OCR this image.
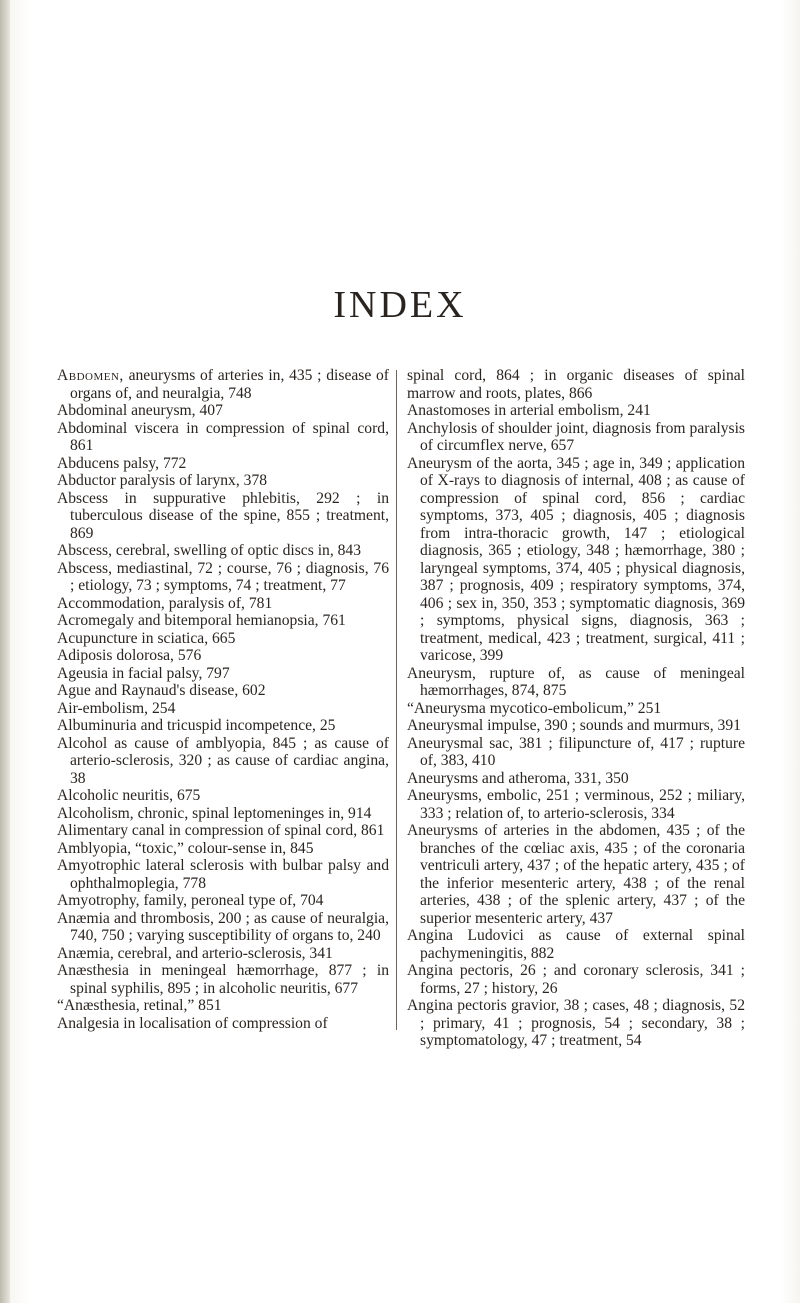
INDEX

Abdomen, aneurysms of arteries in, 435 ; disease of organs of, and neuralgia, 748

Abdominal aneurysm, 407

Abdominal viscera in compression of spinal cord, 861

Abducens palsy, 772

Abductor paralysis of larynx, 378

Abscess in suppurative phlebitis, 292 ; in tuberculous disease of the spine, 855 ; treatment, 869

Abscess, cerebral, swelling of optic discs in, 843

Abscess, mediastinal, 72 ; course, 76 ; diagnosis, 76 ; etiology, 73 ; symptoms, 74 ; treatment, 77

Accommodation, paralysis of, 781

Acromegaly and bitemporal hemianopsia, 761

Acupuncture in sciatica, 665

Adiposis dolorosa, 576

Ageusia in facial palsy, 797

Ague and Raynaud's disease, 602

Air-embolism, 254

Albuminuria and tricuspid incompetence, 25

Alcohol as cause of amblyopia, 845 ; as cause of arterio-sclerosis, 320 ; as cause of cardiac angina, 38

Alcoholic neuritis, 675

Alcoholism, chronic, spinal leptomeninges in, 914

Alimentary canal in compression of spinal cord, 861

Amblyopia, “toxic,” colour-sense in, 845

Amyotrophic lateral sclerosis with bulbar palsy and ophthalmoplegia, 778

Amyotrophy, family, peroneal type of, 704

Anæmia and thrombosis, 200 ; as cause of neuralgia, 740, 750 ; varying susceptibility of organs to, 240

Anæmia, cerebral, and arterio-sclerosis, 341

Anæsthesia in meningeal hæmorrhage, 877 ; in spinal syphilis, 895 ; in alcoholic neuritis, 677

“Anæsthesia, retinal,” 851

Analgesia in localisation of compression of

spinal cord, 864 ; in organic diseases of spinal marrow and roots, plates, 866

Anastomoses in arterial embolism, 241

Anchylosis of shoulder joint, diagnosis from paralysis of circumflex nerve, 657

Aneurysm of the aorta, 345 ; age in, 349 ; application of X-rays to diagnosis of internal, 408 ; as cause of compression of spinal cord, 856 ; cardiac symptoms, 373, 405 ; diagnosis, 405 ; diagnosis from intra-thoracic growth, 147 ; etiological diagnosis, 365 ; etiology, 348 ; hæmorrhage, 380 ; laryngeal symptoms, 374, 405 ; physical diagnosis, 387 ; prognosis, 409 ; respiratory symptoms, 374, 406 ; sex in, 350, 353 ; symptomatic diagnosis, 369 ; symptoms, physical signs, diagnosis, 363 ; treatment, medical, 423 ; treatment, surgical, 411 ; varicose, 399

Aneurysm, rupture of, as cause of meningeal hæmorrhages, 874, 875

“Aneurysma mycotico-embolicum,” 251

Aneurysmal impulse, 390 ; sounds and murmurs, 391

Aneurysmal sac, 381 ; filipuncture of, 417 ; rupture of, 383, 410

Aneurysms and atheroma, 331, 350

Aneurysms, embolic, 251 ; verminous, 252 ; miliary, 333 ; relation of, to arterio-sclerosis, 334

Aneurysms of arteries in the abdomen, 435 ; of the branches of the cœliac axis, 435 ; of the coronaria ventriculi artery, 437 ; of the hepatic artery, 435 ; of the inferior mesenteric artery, 438 ; of the renal arteries, 438 ; of the splenic artery, 437 ; of the superior mesenteric artery, 437

Angina Ludovici as cause of external spinal pachymeningitis, 882

Angina pectoris, 26 ; and coronary sclerosis, 341 ; forms, 27 ; history, 26

Angina pectoris gravior, 38 ; cases, 48 ; diagnosis, 52 ; primary, 41 ; prognosis, 54 ; secondary, 38 ; symptomatology, 47 ; treatment, 54
